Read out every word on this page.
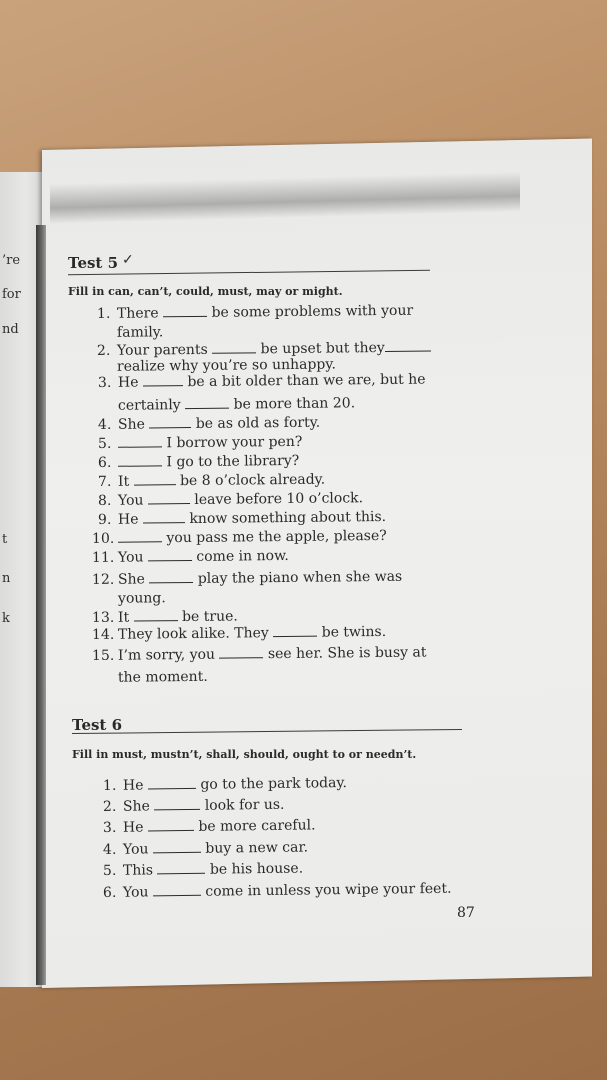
’re
for
nd
t
n
k
Test 5 ✓
Fill in can, can’t, could, must, may or might.
1. There	be some problems with your
family.
2. Your parents	be upset but they
realize why you’re so unhappy.
3. He	be a bit older than we are, but he
certainly	be more than 20.
4. She	be as old as forty.
5.	I borrow your pen?
6.	I go to the library?
7. It	be 8 o’clock already.
8. You	leave before 10 o’clock.
9. He	know something about this.
10.	you pass me the apple, please?
11. You	come in now.
12. She	play the piano when she was
young.
13. It	be true.
14. They look alike. They	be twins.
15. I’m sorry, you	see her. She is busy at
the moment.
Test 6
Fill in must, mustn’t, shall, should, ought to or needn’t.
1. He	go to the park today.
2. She	look for us.
3. He	be more careful.
4. You	buy a new car.
5. This	be his house.
6. You	come in unless you wipe your feet.
87
